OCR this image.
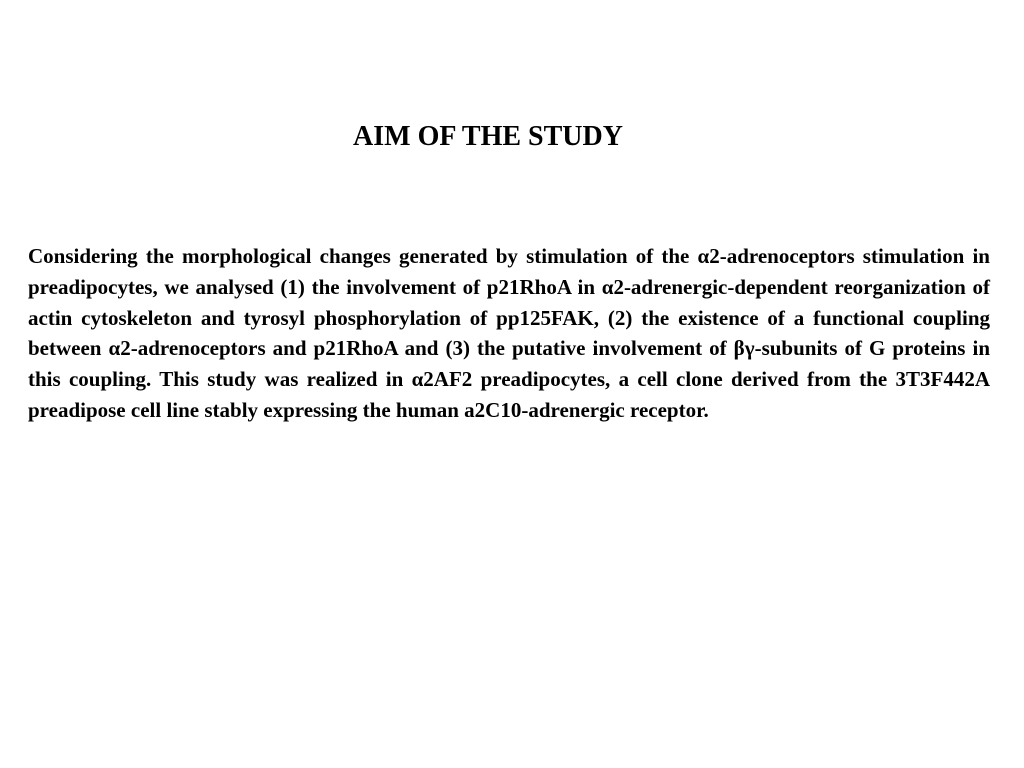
AIM OF THE STUDY

Considering the morphological changes generated by stimulation of the α2-adrenoceptors stimulation in preadipocytes, we analysed (1) the involvement of p21RhoA in α2-adrenergic-dependent reorganization of actin cytoskeleton and tyrosyl phosphorylation of pp125FAK, (2) the existence of a functional coupling between α2-adrenoceptors and p21RhoA and (3) the putative involvement of βγ-subunits of G proteins in this coupling. This study was realized in α2AF2 preadipocytes, a cell clone derived from the 3T3F442A preadipose cell line stably expressing the human a2C10-adrenergic receptor.
